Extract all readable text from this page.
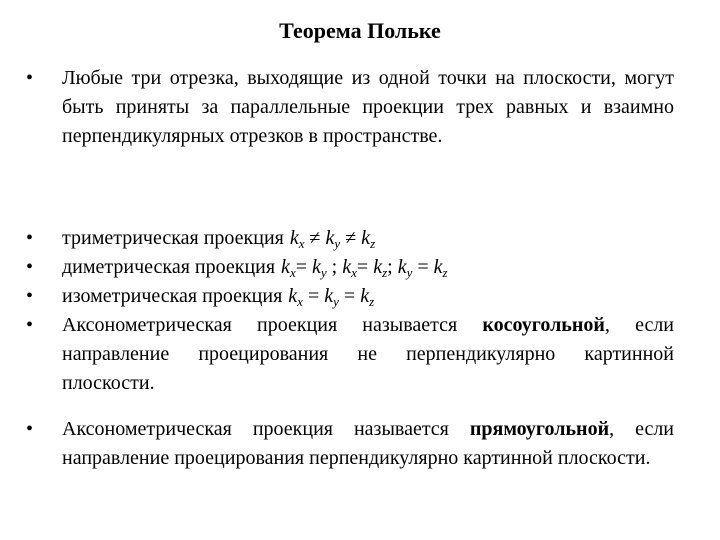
Теорема Польке
•	Любые три отрезка, выходящие из одной точки на плоскости, могут быть приняты за параллельные проекции трех равных и взаимно перпендикулярных отрезков в пространстве.
•	триметрическая проекция $k_x \ne k_y \ne k_z$
•	диметрическая проекция $k_x= k_y$ ; $k_x= k_z$; $k_y = k_z$
•	изометрическая проекция $k_x = k_y = k_z$
•	Аксонометрическая проекция называется косоугольной, если направление проецирования не перпендикулярно картинной плоскости.
•	Аксонометрическая проекция называется прямоугольной, если направление проецирования перпендикулярно картинной плоскости.
